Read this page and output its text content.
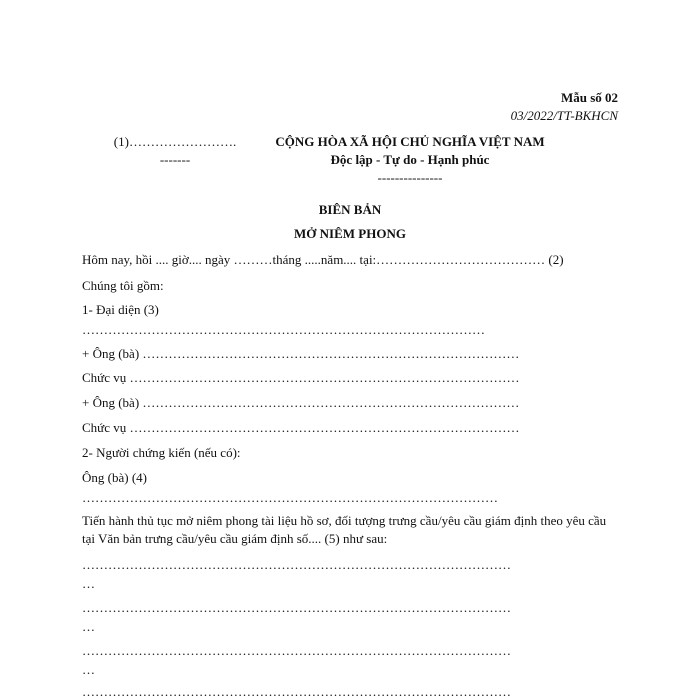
Mẫu số 02
03/2022/TT-BKHCN
(1)…………………….
-------
CỘNG HÒA XÃ HỘI CHỦ NGHĨA VIỆT NAM
Độc lập - Tự do - Hạnh phúc
---------------
BIÊN BẢN
MỞ NIÊM PHONG
Hôm nay, hồi .... giờ.... ngày ………tháng .....năm.... tại:………………………………… (2)
Chúng tôi gồm:
1- Đại diện (3)
…………………………………………………………………………………
+ Ông (bà) ……………………………………………………………………………
Chức vụ ………………………………………………………………………………
+ Ông (bà) ……………………………………………………………………………
Chức vụ ………………………………………………………………………………
2- Người chứng kiến (nếu có):
Ông (bà) (4)
……………………………………………………………………………………
Tiến hành thủ tục mở niêm phong tài liệu hồ sơ, đối tượng trưng cầu/yêu cầu giám định theo yêu cầu tại Văn bản trưng cầu/yêu cầu giám định số.... (5) như sau:
………………………………………………………………………………………
…
………………………………………………………………………………………
…
………………………………………………………………………………………
…
………………………………………………………………………………………
